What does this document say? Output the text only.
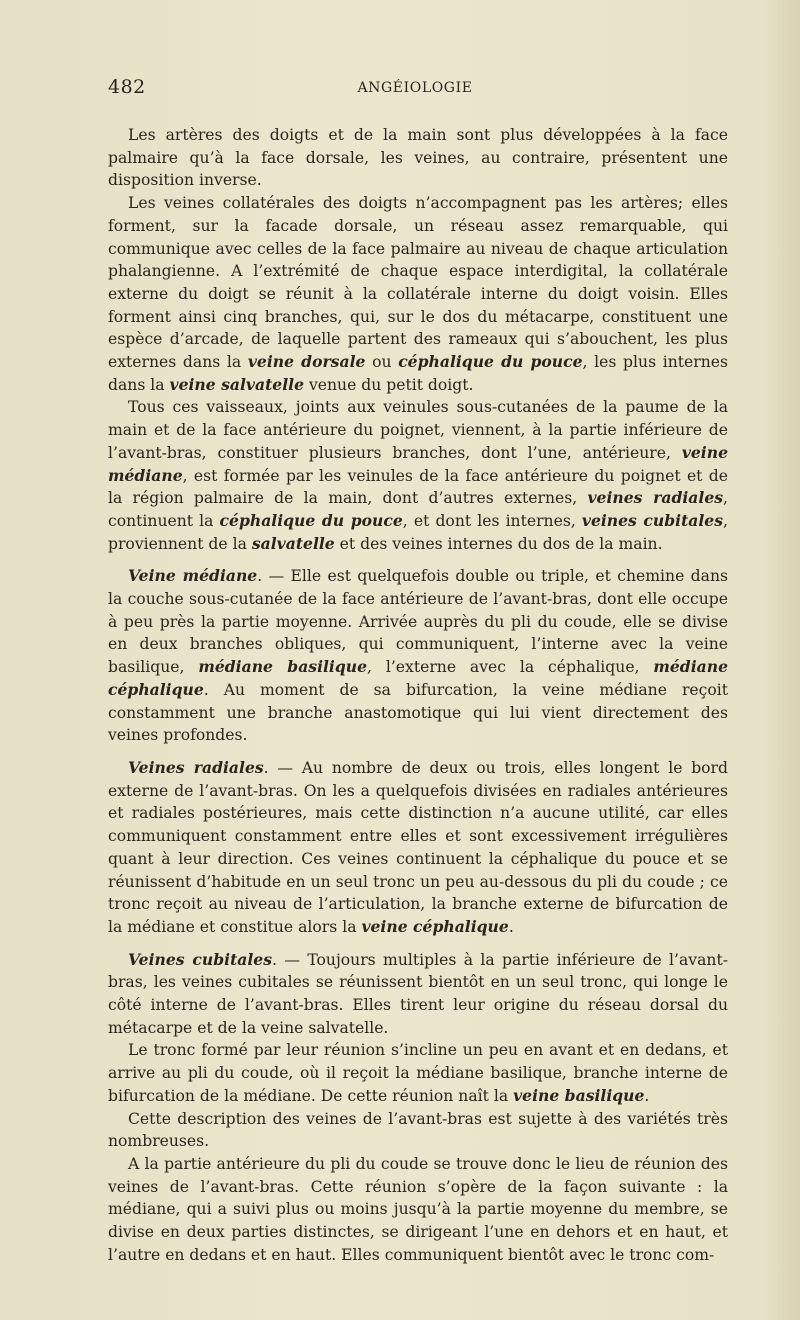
482	ANGÉIOLOGIE

Les artères des doigts et de la main sont plus développées à la face palmaire qu’à la face dorsale, les veines, au contraire, présentent une disposition inverse.

Les veines collatérales des doigts n’accompagnent pas les artères; elles forment, sur la facade dorsale, un réseau assez remarquable, qui communique avec celles de la face palmaire au niveau de chaque articulation phalangienne. A l’extrémité de chaque espace interdigital, la collatérale externe du doigt se réunit à la collatérale interne du doigt voisin. Elles forment ainsi cinq branches, qui, sur le dos du métacarpe, constituent une espèce d’arcade, de laquelle partent des rameaux qui s’abouchent, les plus externes dans la veine dorsale ou céphalique du pouce, les plus internes dans la veine salvatelle venue du petit doigt.

Tous ces vaisseaux, joints aux veinules sous-cutanées de la paume de la main et de la face antérieure du poignet, viennent, à la partie inférieure de l’avant-bras, constituer plusieurs branches, dont l’une, antérieure, veine médiane, est formée par les veinules de la face antérieure du poignet et de la région palmaire de la main, dont d’autres externes, veines radiales, continuent la céphalique du pouce, et dont les internes, veines cubitales, proviennent de la salvatelle et des veines internes du dos de la main.

Veine médiane. — Elle est quelquefois double ou triple, et chemine dans la couche sous-cutanée de la face antérieure de l’avant-bras, dont elle occupe à peu près la partie moyenne. Arrivée auprès du pli du coude, elle se divise en deux branches obliques, qui communiquent, l’interne avec la veine basilique, médiane basilique, l’externe avec la céphalique, médiane céphalique. Au moment de sa bifurcation, la veine médiane reçoit constamment une branche anastomotique qui lui vient directement des veines profondes.

Veines radiales. — Au nombre de deux ou trois, elles longent le bord externe de l’avant-bras. On les a quelquefois divisées en radiales antérieures et radiales postérieures, mais cette distinction n’a aucune utilité, car elles communiquent constamment entre elles et sont excessivement irrégulières quant à leur direction. Ces veines continuent la céphalique du pouce et se réunissent d’habitude en un seul tronc un peu au-dessous du pli du coude ; ce tronc reçoit au niveau de l’articulation, la branche externe de bifurcation de la médiane et constitue alors la veine céphalique.

Veines cubitales. — Toujours multiples à la partie inférieure de l’avant-bras, les veines cubitales se réunissent bientôt en un seul tronc, qui longe le côté interne de l’avant-bras. Elles tirent leur origine du réseau dorsal du métacarpe et de la veine salvatelle.

Le tronc formé par leur réunion s’incline un peu en avant et en dedans, et arrive au pli du coude, où il reçoit la médiane basilique, branche interne de bifurcation de la médiane. De cette réunion naît la veine basilique.

Cette description des veines de l’avant-bras est sujette à des variétés très nombreuses.

A la partie antérieure du pli du coude se trouve donc le lieu de réunion des veines de l’avant-bras. Cette réunion s’opère de la façon suivante : la médiane, qui a suivi plus ou moins jusqu’à la partie moyenne du membre, se divise en deux parties distinctes, se dirigeant l’une en dehors et en haut, et l’autre en dedans et en haut. Elles communiquent bientôt avec le tronc com-
